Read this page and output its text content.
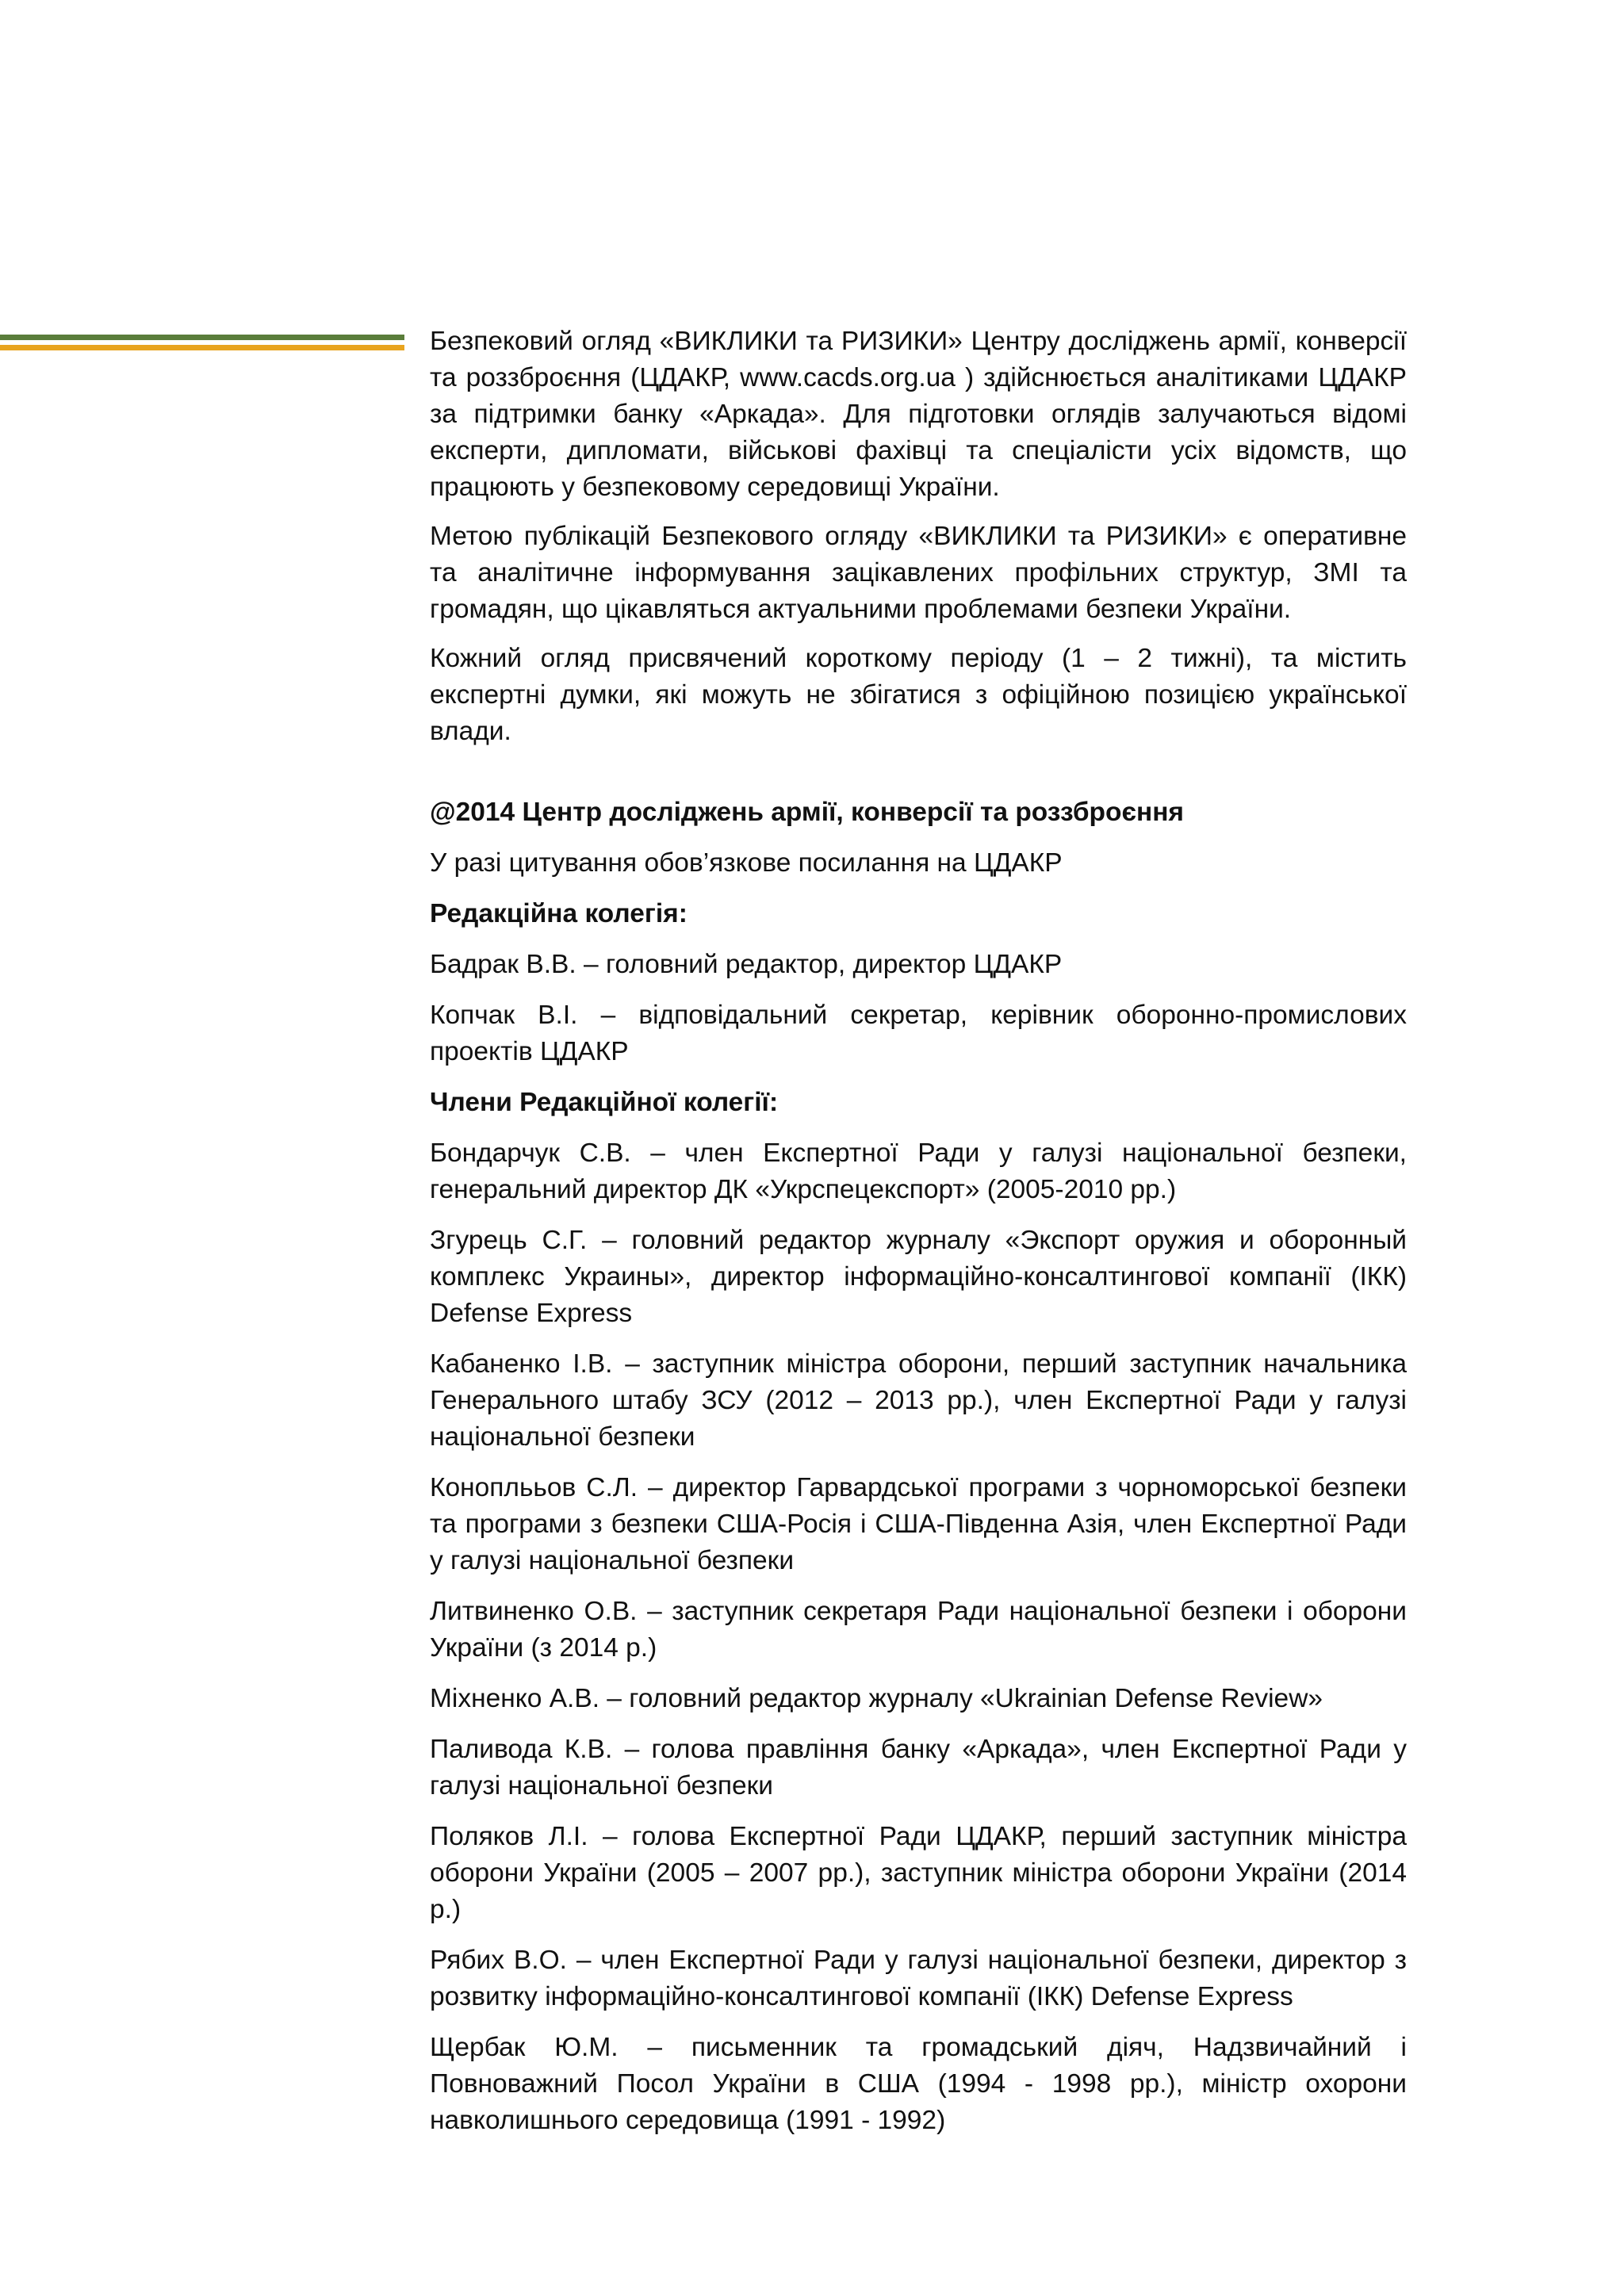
Безпековий огляд «ВИКЛИКИ та РИЗИКИ» Центру досліджень армії, конверсії та роззброєння (ЦДАКР, www.cacds.org.ua ) здійснюється аналітиками ЦДАКР за підтримки банку «Аркада». Для підготовки оглядів залучаються відомі експерти, дипломати, військові фахівці та спеціалісти усіх відомств, що працюють у безпековому середовищі України.

Метою публікацій Безпекового огляду «ВИКЛИКИ та РИЗИКИ» є оперативне та аналітичне інформування зацікавлених профільних структур, ЗМІ та громадян, що цікавляться актуальними проблемами безпеки України.

Кожний огляд присвячений короткому періоду (1 – 2 тижні), та містить експертні думки, які можуть не збігатися з офіційною позицією української влади.

@2014 Центр досліджень армії, конверсії та роззброєння

У разі цитування обов’язкове посилання на ЦДАКР

Редакційна колегія:

Бадрак В.В. – головний редактор, директор ЦДАКР

Копчак В.І. – відповідальний секретар, керівник оборонно-промислових проектів ЦДАКР

Члени Редакційної колегії:

Бондарчук С.В. – член Експертної Ради у галузі національної безпеки, генеральний директор ДК «Укрспецекспорт» (2005-2010 рр.)

Згурець С.Г. – головний редактор журналу «Экспорт оружия и оборонный комплекс Украины», директор інформаційно-консалтингової компанії (ІКК) Defense Express

Кабаненко І.В. – заступник міністра оборони, перший заступник начальника Генерального штабу ЗСУ (2012 – 2013 рр.), член Експертної Ради у галузі національної безпеки

Коноплььов С.Л. – директор Гарвардської програми з чорноморської безпеки та програми з безпеки США-Росія і США-Південна Азія, член Експертної Ради у галузі національної безпеки

Литвиненко О.В. – заступник секретаря Ради національної безпеки і оборони України (з 2014 р.)

Міхненко А.В. – головний редактор журналу «Ukrainian Defense Review»

Паливода К.В. – голова правління банку «Аркада», член Експертної Ради у галузі національної безпеки

Поляков Л.І. – голова Експертної Ради ЦДАКР, перший заступник міністра оборони України (2005 – 2007 рр.), заступник міністра оборони України (2014 р.)

Рябих В.О. – член Експертної Ради у галузі національної безпеки, директор з розвитку інформаційно-консалтингової компанії (ІКК) Defense Express

Щербак Ю.М. – письменник та громадський діяч, Надзвичайний і Повноважний Посол України в США (1994 - 1998 рр.), міністр охорони навколишнього середовища (1991 - 1992)
